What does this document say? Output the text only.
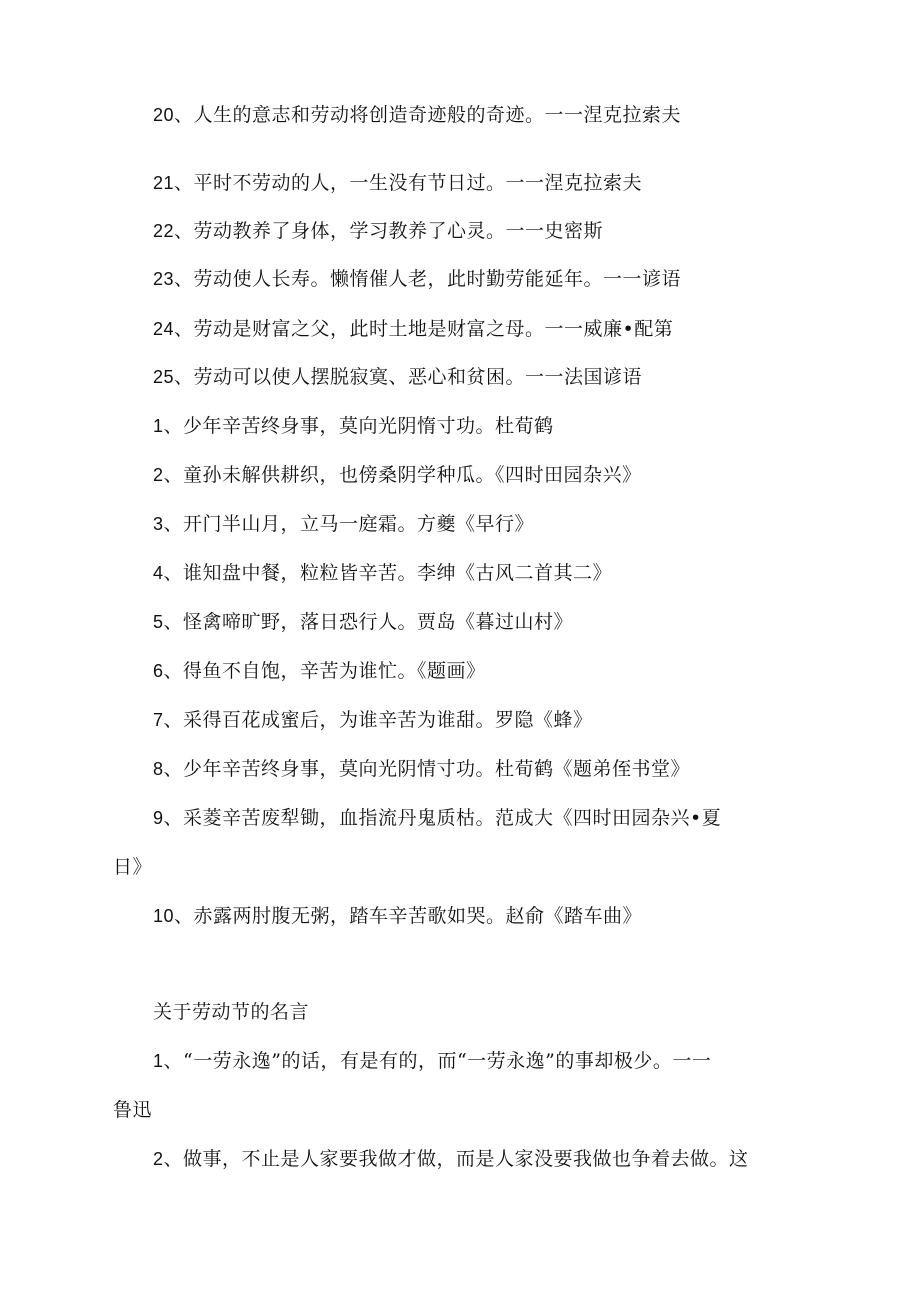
20、人生的意志和劳动将创造奇迹般的奇迹。一一涅克拉索夫
21、平时不劳动的人，一生没有节日过。一一涅克拉索夫
22、劳动教养了身体，学习教养了心灵。一一史密斯
23、劳动使人长寿。懒惰催人老，此时勤劳能延年。一一谚语
24、劳动是财富之父，此时土地是财富之母。一一威廉•配第
25、劳动可以使人摆脱寂寞、恶心和贫困。一一法国谚语
1、少年辛苦终身事，莫向光阴惰寸功。杜荀鹤
2、童孙未解供耕织，也傍桑阴学种瓜。《四时田园杂兴》
3、开门半山月，立马一庭霜。方夔《早行》
4、谁知盘中餐，粒粒皆辛苦。李绅《古风二首其二》
5、怪禽啼旷野，落日恐行人。贾岛《暮过山村》
6、得鱼不自饱，辛苦为谁忙。《题画》
7、采得百花成蜜后，为谁辛苦为谁甜。罗隐《蜂》
8、少年辛苦终身事，莫向光阴情寸功。杜荀鹤《题弟侄书堂》
9、采菱辛苦废犁锄，血指流丹鬼质枯。范成大《四时田园杂兴•夏
日》
10、赤露两肘腹无粥，踏车辛苦歌如哭。赵俞《踏车曲》
关于劳动节的名言
1、“一劳永逸”的话，有是有的，而“一劳永逸”的事却极少。一一
鲁迅
2、做事，不止是人家要我做才做，而是人家没要我做也争着去做。这
